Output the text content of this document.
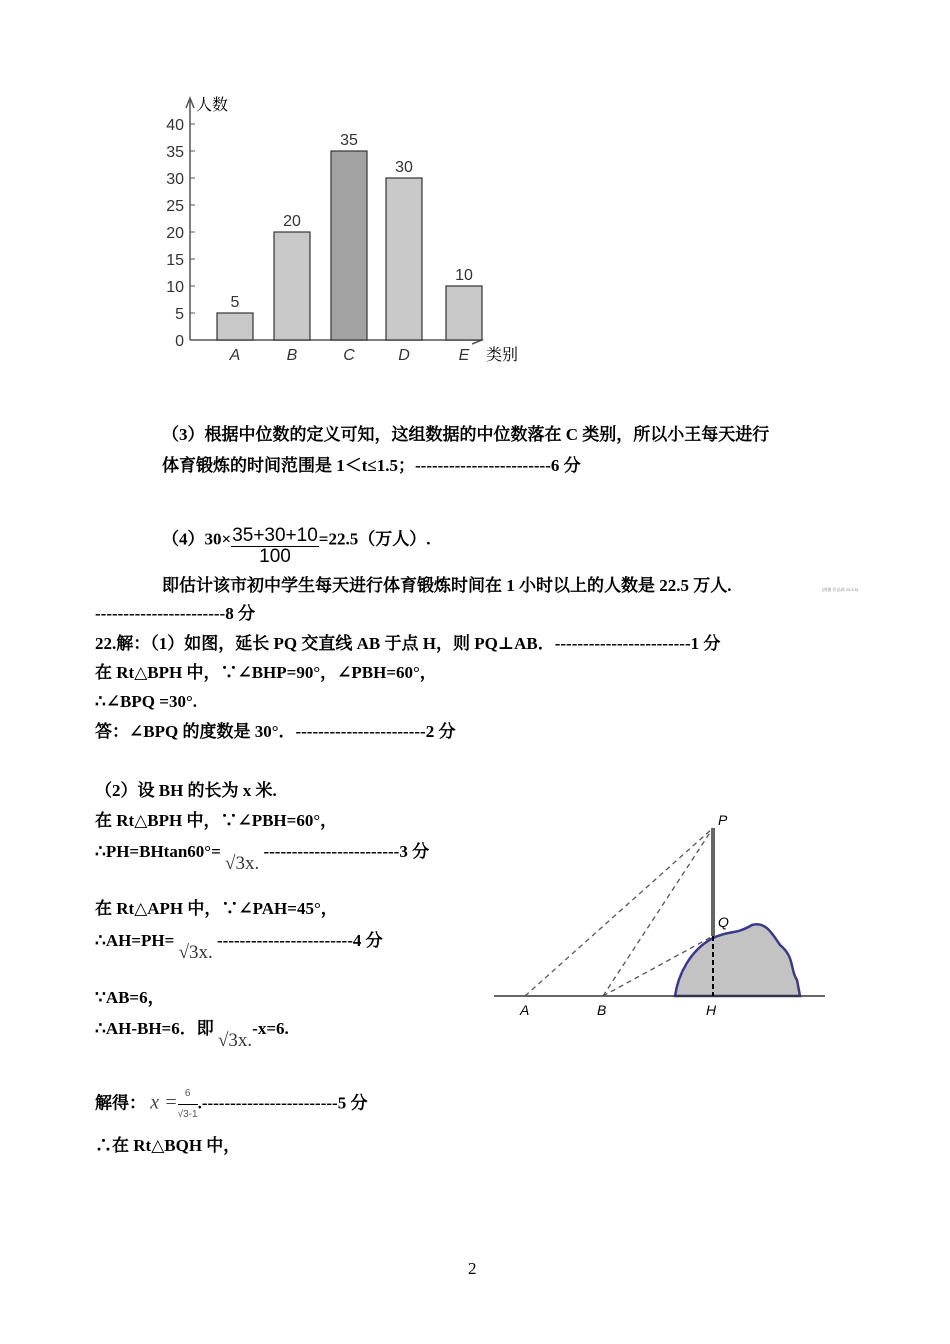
人数
类别
0
5
10
15
20
25
30
35
40
5
A
20
B
35
C
30
D
10
E
（3）根据中位数的定义可知，这组数据的中位数落在 C 类别，所以小王每天进行
体育锻炼的时间范围是 1＜t≤1.5；------------------------6 分
$(4)30\times \frac{35+30+10}{100} =22.5$（万人）.
即估计该市初中学生每天进行体育锻炼时间在 1 小时以上的人数是 22.5 万人.	(图题·作品网 23.5.6)
-----------------------8 分
22.解：（1）如图，延长 PQ 交直线 AB 于点 H，则 PQ⊥AB．------------------------1 分
在 Rt△BPH 中，∵∠BHP=90°，∠PBH=60°，
∴∠BPQ =30°.
答：∠BPQ 的度数是 30°．-----------------------2 分
（2）设 BH 的长为 x 米.
在 Rt△BPH 中，∵∠PBH=60°，
∴PH=BHtan60°= √3x. ------------------------3 分
在 Rt△APH 中，∵∠PAH=45°，
∴AH=PH= √3x. ------------------------4 分
∵AB=6，
∴AH-BH=6．即 √3x.-x=6.
解得： $x = \frac{6}{√3-1} .------------------------5$ 分
∴在 Rt△BQH 中，
P
Q
A	B	H
2
